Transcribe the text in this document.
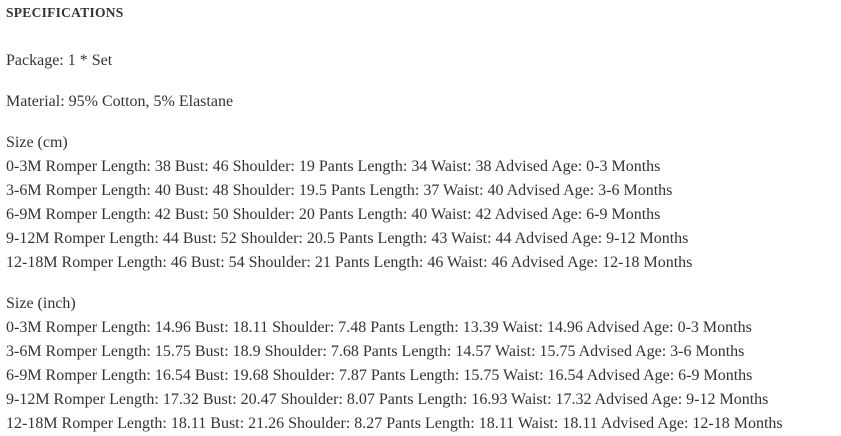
SPECIFICATIONS

Package: 1 * Set

Material: 95% Cotton, 5% Elastane

Size (cm)
0-3M Romper Length: 38 Bust: 46 Shoulder: 19 Pants Length: 34 Waist: 38 Advised Age: 0-3 Months
3-6M Romper Length: 40 Bust: 48 Shoulder: 19.5 Pants Length: 37 Waist: 40 Advised Age: 3-6 Months
6-9M Romper Length: 42 Bust: 50 Shoulder: 20 Pants Length: 40 Waist: 42 Advised Age: 6-9 Months
9-12M Romper Length: 44 Bust: 52 Shoulder: 20.5 Pants Length: 43 Waist: 44 Advised Age: 9-12 Months
12-18M Romper Length: 46 Bust: 54 Shoulder: 21 Pants Length: 46 Waist: 46 Advised Age: 12-18 Months
Size (inch)
0-3M Romper Length: 14.96 Bust: 18.11 Shoulder: 7.48 Pants Length: 13.39 Waist: 14.96 Advised Age: 0-3 Months
3-6M Romper Length: 15.75 Bust: 18.9 Shoulder: 7.68 Pants Length: 14.57 Waist: 15.75 Advised Age: 3-6 Months
6-9M Romper Length: 16.54 Bust: 19.68 Shoulder: 7.87 Pants Length: 15.75 Waist: 16.54 Advised Age: 6-9 Months
9-12M Romper Length: 17.32 Bust: 20.47 Shoulder: 8.07 Pants Length: 16.93 Waist: 17.32 Advised Age: 9-12 Months
12-18M Romper Length: 18.11 Bust: 21.26 Shoulder: 8.27 Pants Length: 18.11 Waist: 18.11 Advised Age: 12-18 Months
